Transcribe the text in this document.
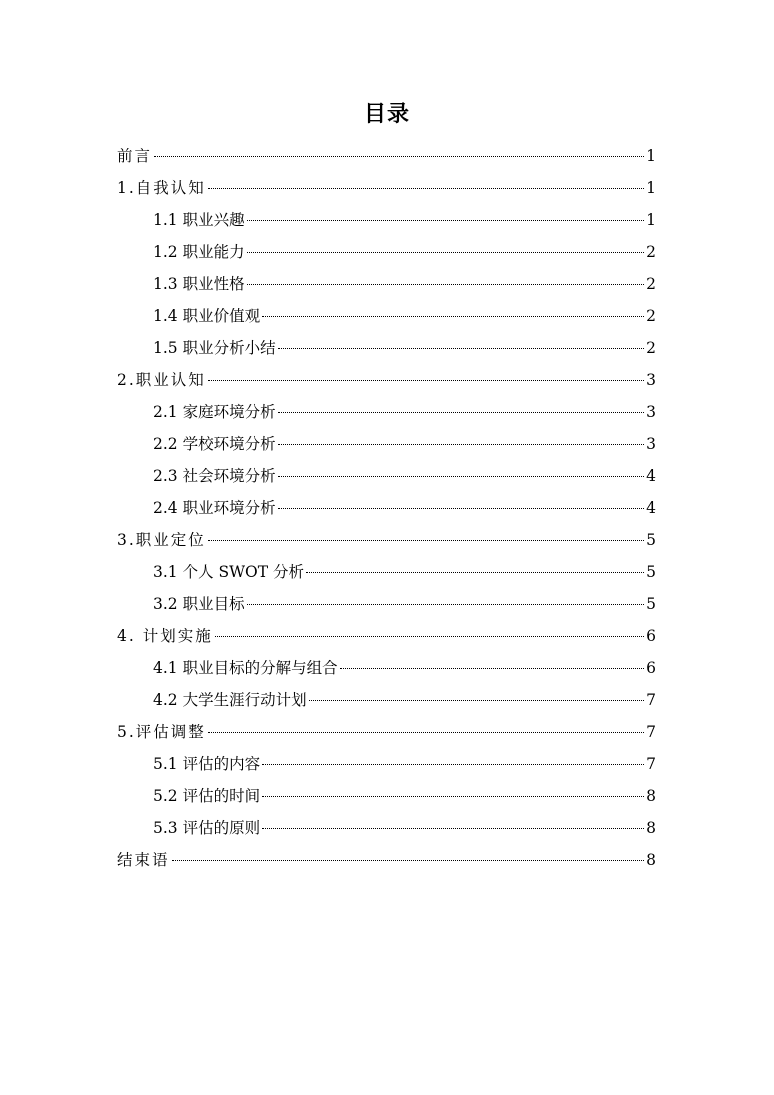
目录
前言	1
1.自我认知	1
1.1 职业兴趣	1
1.2 职业能力	2
1.3 职业性格	2
1.4 职业价值观	2
1.5 职业分析小结	2
2.职业认知	3
2.1 家庭环境分析	3
2.2 学校环境分析	3
2.3 社会环境分析	4
2.4 职业环境分析	4
3.职业定位	5
3.1 个人 SWOT 分析	5
3.2 职业目标	5
4. 计划实施	6
4.1 职业目标的分解与组合	6
4.2 大学生涯行动计划	7
5.评估调整	7
5.1 评估的内容	7
5.2 评估的时间	8
5.3 评估的原则	8
结束语	8
